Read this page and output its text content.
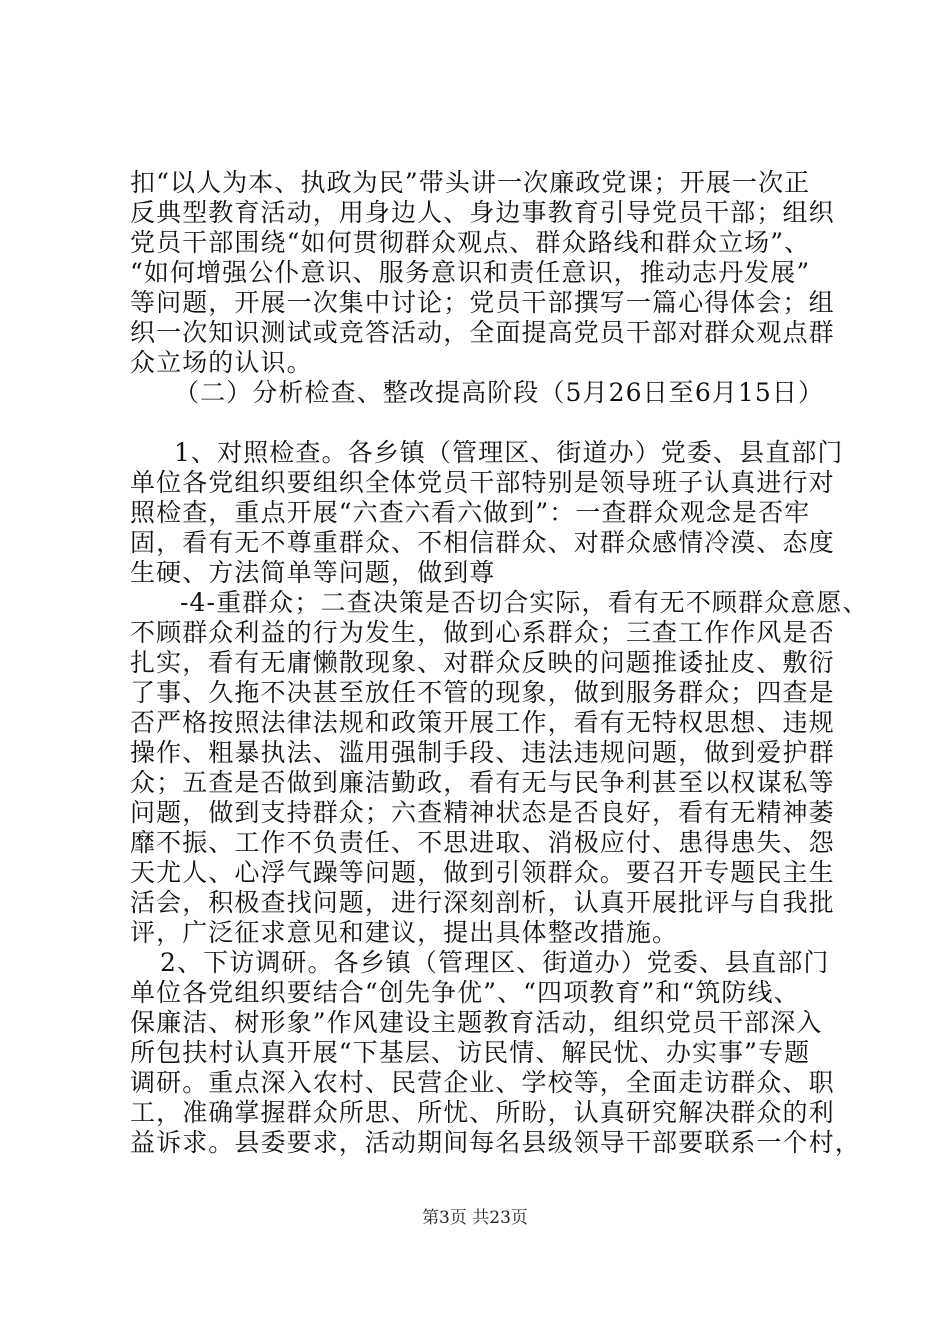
扣“以人为本、执政为民”带头讲一次廉政党课；开展一次正
反典型教育活动，用身边人、身边事教育引导党员干部；组织
党员干部围绕“如何贯彻群众观点、群众路线和群众立场”、
“如何增强公仆意识、服务意识和责任意识，推动志丹发展”
等问题，开展一次集中讨论；党员干部撰写一篇心得体会；组
织一次知识测试或竞答活动，全面提高党员干部对群众观点群
众立场的认识。
（二）分析检查、整改提高阶段（5月26日至6月15日）
1、对照检查。各乡镇（管理区、街道办）党委、县直部门
单位各党组织要组织全体党员干部特别是领导班子认真进行对
照检查，重点开展“六查六看六做到”：一查群众观念是否牢
固，看有无不尊重群众、不相信群众、对群众感情冷漠、态度
生硬、方法简单等问题，做到尊
-4-重群众；二查决策是否切合实际，看有无不顾群众意愿、
不顾群众利益的行为发生，做到心系群众；三查工作作风是否
扎实，看有无庸懒散现象、对群众反映的问题推诿扯皮、敷衍
了事、久拖不决甚至放任不管的现象，做到服务群众；四查是
否严格按照法律法规和政策开展工作，看有无特权思想、违规
操作、粗暴执法、滥用强制手段、违法违规问题，做到爱护群
众；五查是否做到廉洁勤政，看有无与民争利甚至以权谋私等
问题，做到支持群众；六查精神状态是否良好，看有无精神萎
靡不振、工作不负责任、不思进取、消极应付、患得患失、怨
天尤人、心浮气躁等问题，做到引领群众。要召开专题民主生
活会，积极查找问题，进行深刻剖析，认真开展批评与自我批
评，广泛征求意见和建议，提出具体整改措施。
2、下访调研。各乡镇（管理区、街道办）党委、县直部门
单位各党组织要结合“创先争优”、“四项教育”和“筑防线、
保廉洁、树形象”作风建设主题教育活动，组织党员干部深入
所包扶村认真开展“下基层、访民情、解民忧、办实事”专题
调研。重点深入农村、民营企业、学校等，全面走访群众、职
工，准确掌握群众所思、所忧、所盼，认真研究解决群众的利
益诉求。县委要求，活动期间每名县级领导干部要联系一个村，
第3页 共23页
